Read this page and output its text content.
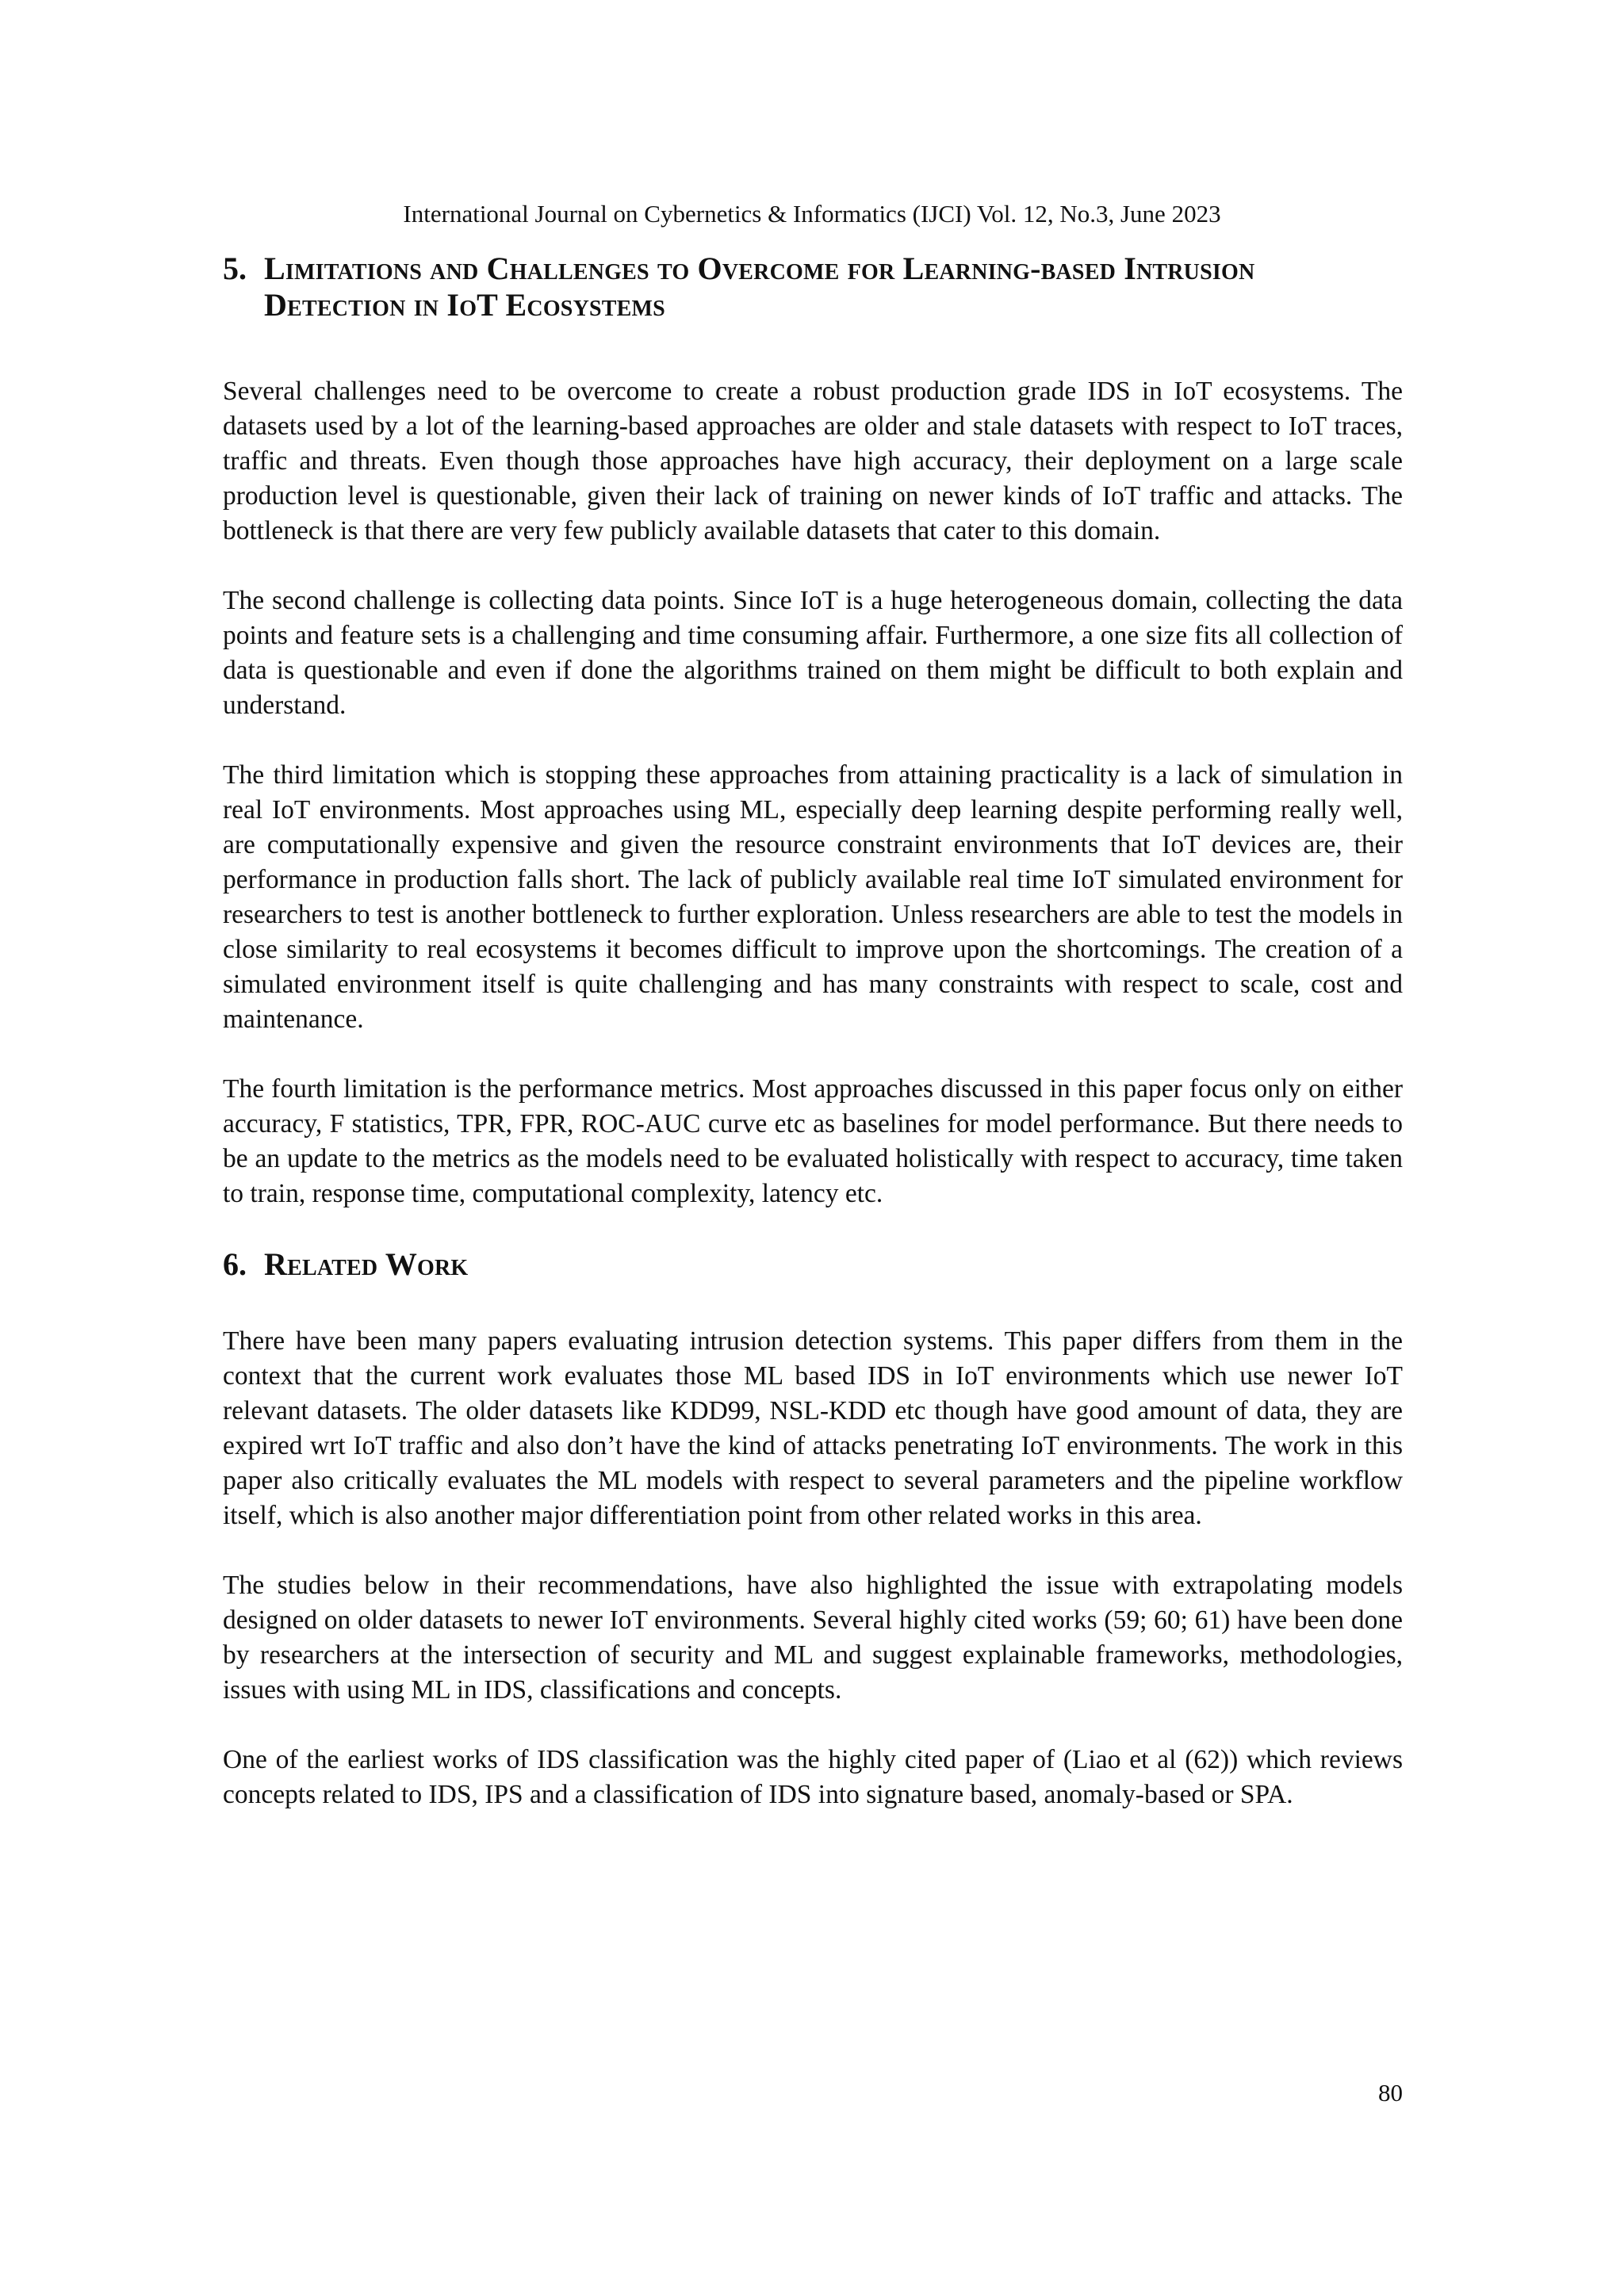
International Journal on Cybernetics & Informatics (IJCI) Vol. 12, No.3, June 2023
5. Limitations and Challenges to Overcome for Learning-based Intrusion Detection in IoT Ecosystems

Several challenges need to be overcome to create a robust production grade IDS in IoT ecosystems. The datasets used by a lot of the learning-based approaches are older and stale datasets with respect to IoT traces, traffic and threats. Even though those approaches have high accuracy, their deployment on a large scale production level is questionable, given their lack of training on newer kinds of IoT traffic and attacks. The bottleneck is that there are very few publicly available datasets that cater to this domain.

The second challenge is collecting data points. Since IoT is a huge heterogeneous domain, collecting the data points and feature sets is a challenging and time consuming affair. Furthermore, a one size fits all collection of data is questionable and even if done the algorithms trained on them might be difficult to both explain and understand.

The third limitation which is stopping these approaches from attaining practicality is a lack of simulation in real IoT environments. Most approaches using ML, especially deep learning despite performing really well, are computationally expensive and given the resource constraint environments that IoT devices are, their performance in production falls short. The lack of publicly available real time IoT simulated environment for researchers to test is another bottleneck to further exploration. Unless researchers are able to test the models in close similarity to real ecosystems it becomes difficult to improve upon the shortcomings. The creation of a simulated environment itself is quite challenging and has many constraints with respect to scale, cost and maintenance.

The fourth limitation is the performance metrics. Most approaches discussed in this paper focus only on either accuracy, F statistics, TPR, FPR, ROC-AUC curve etc as baselines for model performance. But there needs to be an update to the metrics as the models need to be evaluated holistically with respect to accuracy, time taken to train, response time, computational complexity, latency etc.

6. Related Work

There have been many papers evaluating intrusion detection systems. This paper differs from them in the context that the current work evaluates those ML based IDS in IoT environments which use newer IoT relevant datasets. The older datasets like KDD99, NSL-KDD etc though have good amount of data, they are expired wrt IoT traffic and also don’t have the kind of attacks penetrating IoT environments. The work in this paper also critically evaluates the ML models with respect to several parameters and the pipeline workflow itself, which is also another major differentiation point from other related works in this area.

The studies below in their recommendations, have also highlighted the issue with extrapolating models designed on older datasets to newer IoT environments. Several highly cited works (59; 60; 61) have been done by researchers at the intersection of security and ML and suggest explainable frameworks, methodologies, issues with using ML in IDS, classifications and concepts.

One of the earliest works of IDS classification was the highly cited paper of (Liao et al (62)) which reviews concepts related to IDS, IPS and a classification of IDS into signature based, anomaly-based or SPA.

80
